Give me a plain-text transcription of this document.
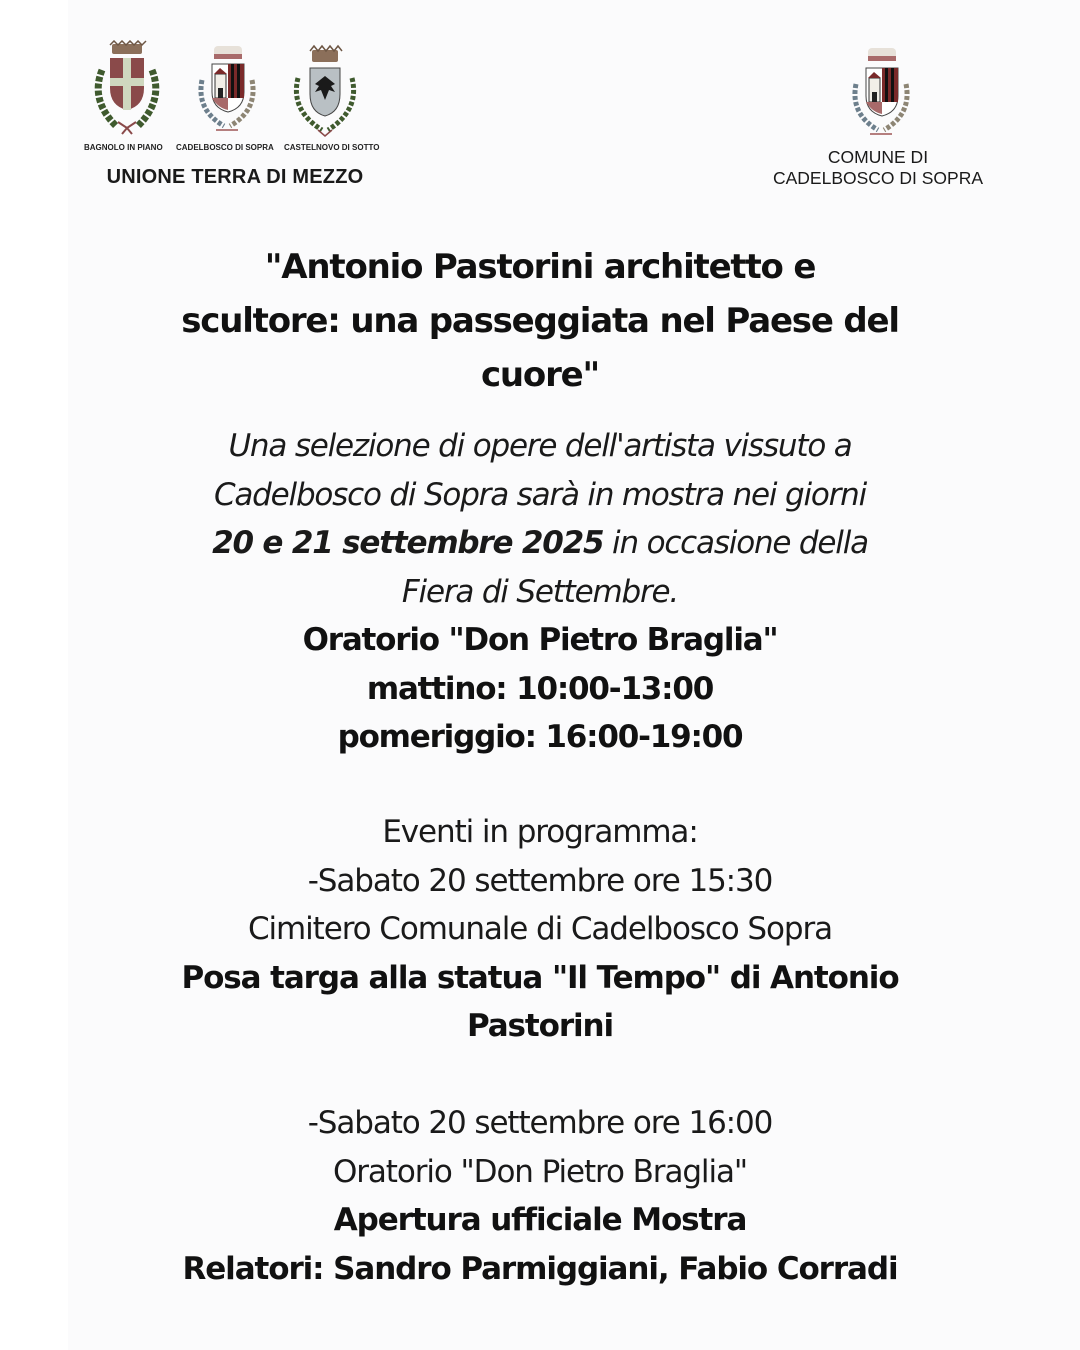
BAGNOLO IN PIANO CADELBOSCO DI SOPRA CASTELNOVO DI SOTTO
UNIONE TERRA DI MEZZO
COMUNE DI
CADELBOSCO DI SOPRA
"Antonio Pastorini architetto e
scultore: una passeggiata nel Paese del
cuore"
Una selezione di opere dell'artista vissuto a
Cadelbosco di Sopra sarà in mostra nei giorni
20 e 21 settembre 2025 in occasione della
Fiera di Settembre.
Oratorio "Don Pietro Braglia"
mattino: 10:00-13:00
pomeriggio: 16:00-19:00
Eventi in programma:
-Sabato 20 settembre ore 15:30
Cimitero Comunale di Cadelbosco Sopra
Posa targa alla statua "Il Tempo" di Antonio
Pastorini
-Sabato 20 settembre ore 16:00
Oratorio "Don Pietro Braglia"
Apertura ufficiale Mostra
Relatori: Sandro Parmiggiani, Fabio Corradi
